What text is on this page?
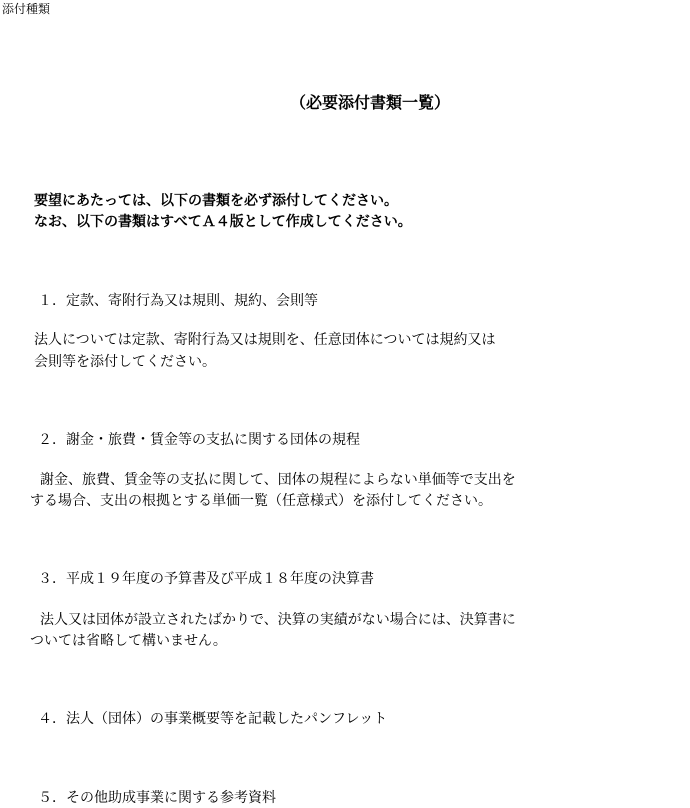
添付種類
（必要添付書類一覧）
要望にあたっては、以下の書類を必ず添付してください。
なお、以下の書類はすべてＡ４版として作成してください。
１．定款、寄附行為又は規則、規約、会則等
　法人については定款、寄附行為又は規則を、任意団体については規約又は
会則等を添付してください。
２．謝金・旅費・賃金等の支払に関する団体の規程
　謝金、旅費、賃金等の支払に関して、団体の規程によらない単価等で支出を
する場合、支出の根拠とする単価一覧（任意様式）を添付してください。
３．平成１９年度の予算書及び平成１８年度の決算書
　法人又は団体が設立されたばかりで、決算の実績がない場合には、決算書に
ついては省略して構いません。
４．法人（団体）の事業概要等を記載したパンフレット
５．その他助成事業に関する参考資料
